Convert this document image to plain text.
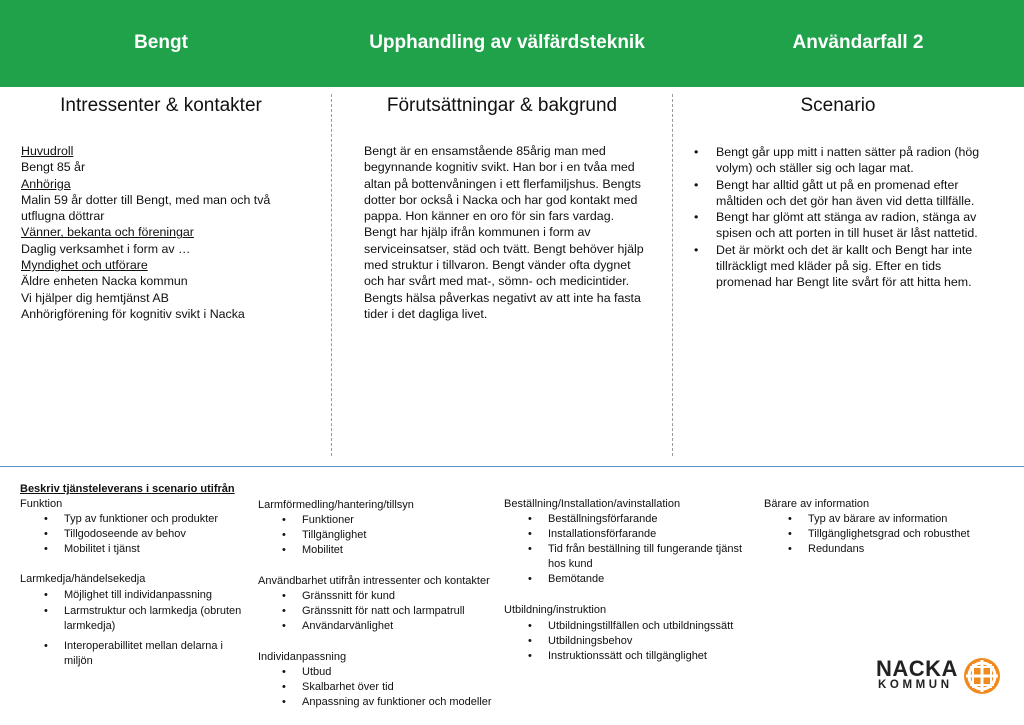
Bengt	Upphandling av välfärdsteknik	Användarfall 2
Intressenter & kontakter	Förutsättningar & bakgrund	Scenario
Huvudroll
Bengt 85 år
Anhöriga
Malin 59 år dotter till Bengt, med man och två utflugna döttrar
Vänner, bekanta och föreningar
Daglig verksamhet i form av …
Myndighet och utförare
Äldre enheten Nacka kommun
Vi hjälper dig hemtjänst AB
Anhörigförening för kognitiv svikt i Nacka
Bengt är en ensamstående 85årig man med begynnande kognitiv svikt. Han bor i en tvåa med altan på bottenvåningen i ett flerfamiljshus. Bengts dotter bor också i Nacka och har god kontakt med pappa. Hon känner en oro för sin fars vardag. Bengt har hjälp ifrån kommunen i form av serviceinsatser, städ och tvätt. Bengt behöver hjälp med struktur i tillvaron. Bengt vänder ofta dygnet och har svårt med mat-, sömn- och medicintider. Bengts hälsa påverkas negativt av att inte ha fasta tider i det dagliga livet.
• Bengt går upp mitt i natten sätter på radion (hög volym) och ställer sig och lagar mat.
• Bengt har alltid gått ut på en promenad efter måltiden och det gör han även vid detta tillfälle.
• Bengt har glömt att stänga av radion, stänga av spisen och att porten in till huset är låst nattetid.
• Det är mörkt och det är kallt och Bengt har inte tillräckligt med kläder på sig. Efter en tids promenad har Bengt lite svårt för att hitta hem.
Beskriv tjänsteleverans i scenario utifrån
Funktion
• Typ av funktioner och produkter
• Tillgodoseende av behov
• Mobilitet i tjänst
Larmkedja/händelsekedja
• Möjlighet till individanpassning
• Larmstruktur och larmkedja (obruten larmkedja)
• Interoperabillitet mellan delarna i miljön
Larmförmedling/hantering/tillsyn
• Funktioner
• Tillgänglighet
• Mobilitet
Användbarhet utifrån intressenter och kontakter
• Gränssnitt för kund
• Gränssnitt för natt och larmpatrull
• Användarvänlighet
Individanpassning
• Utbud
• Skalbarhet över tid
• Anpassning av funktioner och modeller
Beställning/Installation/avinstallation
• Beställningsförfarande
• Installationsförfarande
• Tid från beställning till fungerande tjänst hos kund
• Bemötande
Utbildning/instruktion
• Utbildningstillfällen och utbildningssätt
• Utbildningsbehov
• Instruktionssätt och tillgänglighet
Bärare av information
• Typ av bärare av information
• Tillgänglighetsgrad och robusthet
• Redundans
NACKA
KOMMUN
